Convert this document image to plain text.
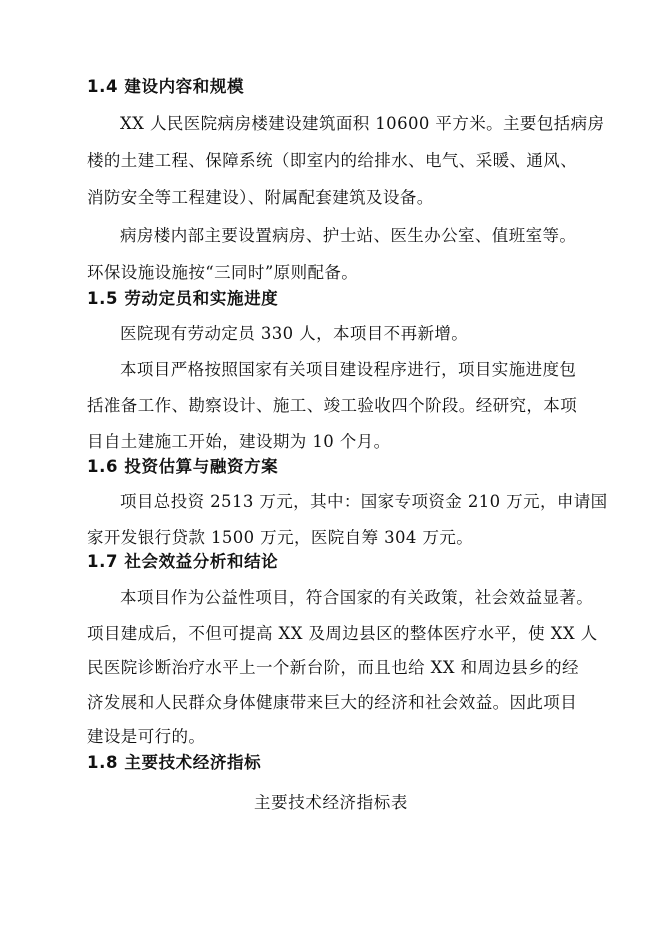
1.4 建设内容和规模
XX 人民医院病房楼建设建筑面积 10600 平方米。主要包括病房
楼的土建工程、保障系统（即室内的给排水、电气、采暖、通风、
消防安全等工程建设）、附属配套建筑及设备。
病房楼内部主要设置病房、护士站、医生办公室、值班室等。
环保设施设施按“三同时”原则配备。
1.5 劳动定员和实施进度
医院现有劳动定员 330 人，本项目不再新增。
本项目严格按照国家有关项目建设程序进行，项目实施进度包
括准备工作、勘察设计、施工、竣工验收四个阶段。经研究，本项
目自土建施工开始，建设期为 10 个月。
1.6 投资估算与融资方案
项目总投资 2513 万元，其中：国家专项资金 210 万元，申请国
家开发银行贷款 1500 万元，医院自筹 304 万元。
1.7 社会效益分析和结论
本项目作为公益性项目，符合国家的有关政策，社会效益显著。
项目建成后，不但可提高 XX 及周边县区的整体医疗水平，使 XX 人
民医院诊断治疗水平上一个新台阶，而且也给 XX 和周边县乡的经
济发展和人民群众身体健康带来巨大的经济和社会效益。因此项目
建设是可行的。
1.8 主要技术经济指标
主要技术经济指标表
